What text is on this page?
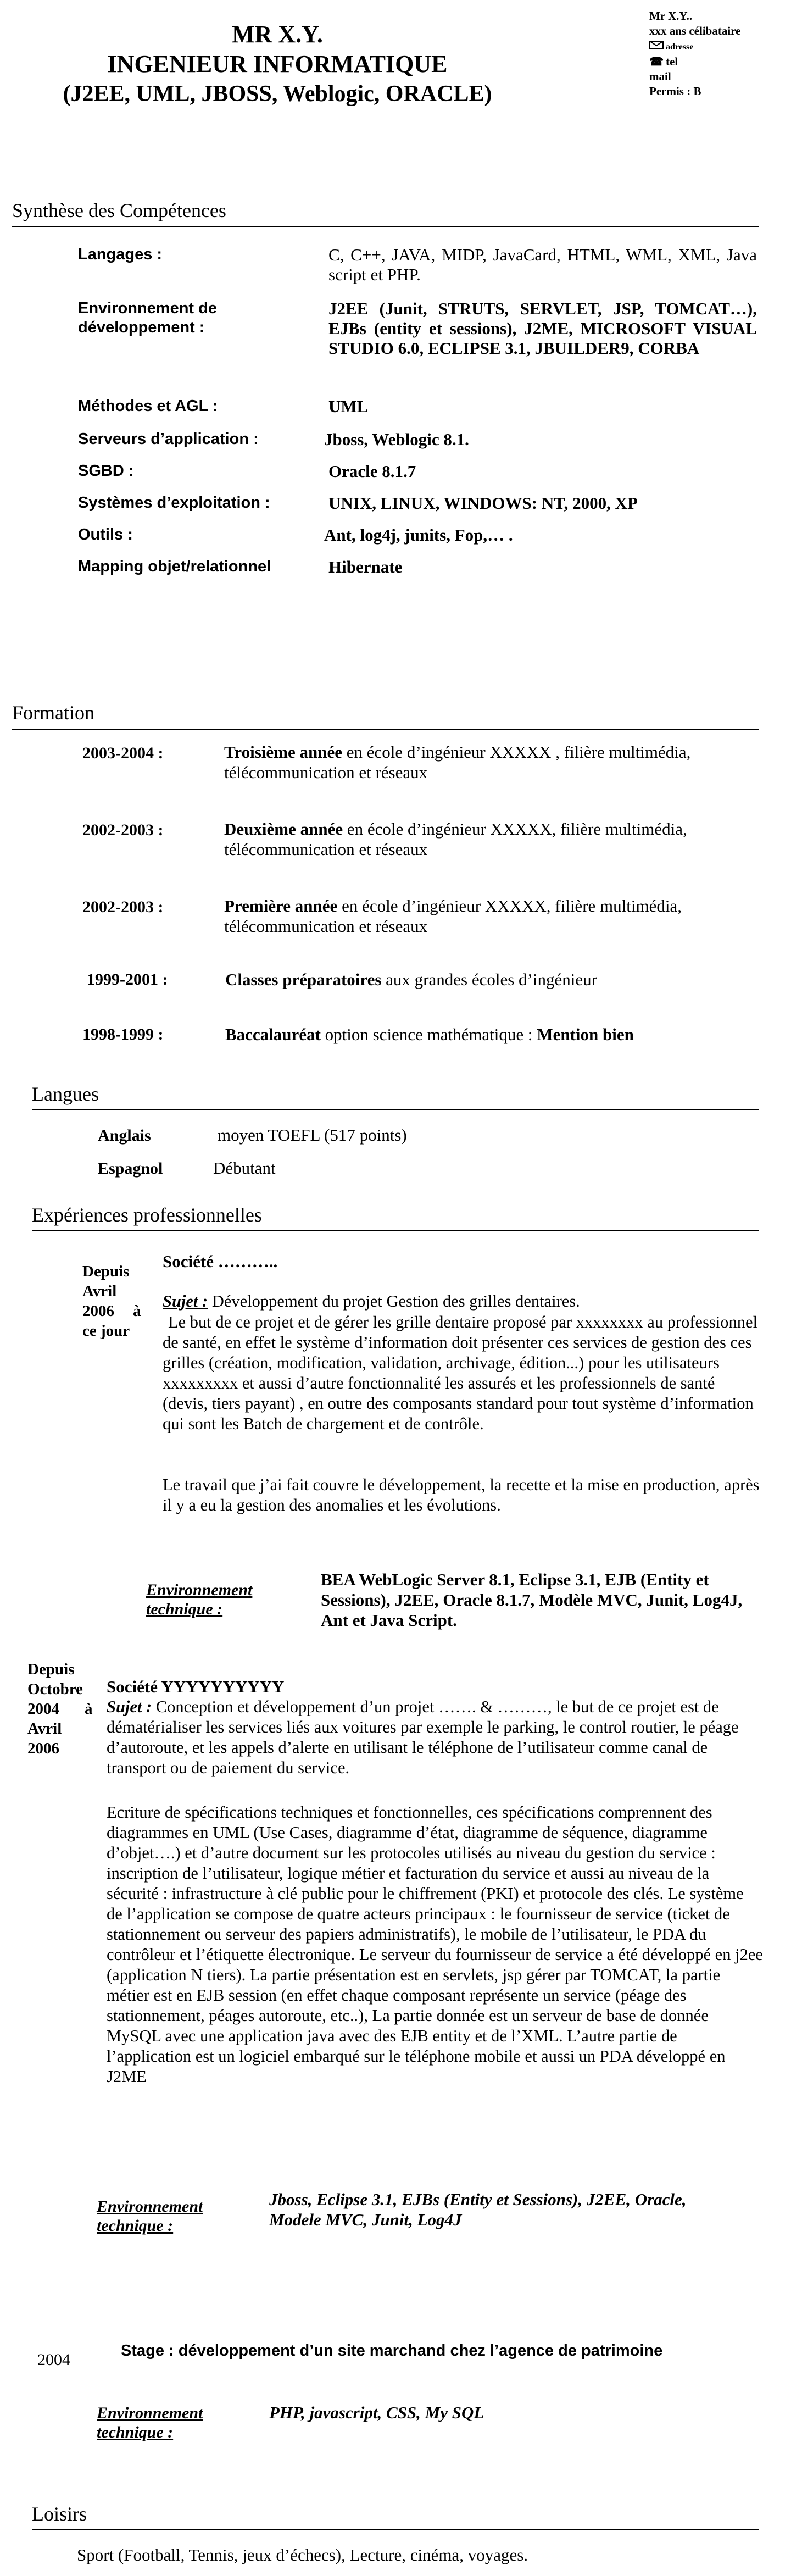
MR X.Y.
INGENIEUR INFORMATIQUE
(J2EE, UML, JBOSS, Weblogic, ORACLE)
Mr X.Y..
xxx ans célibataire
adresse
☎ tel
mail
Permis : B
Synthèse des Compétences
Langages :	C, C++, JAVA, MIDP, JavaCard, HTML, WML, XML, Java script et PHP.
Environnement de développement :
J2EE (Junit, STRUTS, SERVLET, JSP, TOMCAT…), EJBs (entity et sessions), J2ME, MICROSOFT VISUAL STUDIO 6.0, ECLIPSE 3.1, JBUILDER9, CORBA
Méthodes et AGL :	UML
Serveurs d’application :	Jboss, Weblogic 8.1.
SGBD :	Oracle 8.1.7
Systèmes d’exploitation :	UNIX, LINUX, WINDOWS: NT, 2000, XP
Outils :	Ant, log4j, junits, Fop,… .
Mapping objet/relationnel	Hibernate
Formation
2003-2004 :	Troisième année en école d’ingénieur XXXXX , filière multimédia, télécommunication et réseaux
2002-2003 :	Deuxième année en école d’ingénieur XXXXX, filière multimédia, télécommunication et réseaux
2002-2003 :	Première année en école d’ingénieur XXXXX, filière multimédia, télécommunication et réseaux
1999-2001 :	Classes préparatoires aux grandes écoles d’ingénieur
1998-1999 :	Baccalauréat option science mathématique : Mention bien
Langues
Anglais	moyen TOEFL (517 points)
Espagnol	Débutant
Expériences professionnelles
Depuis
Avril
2006 à
ce jour
Société ………..
Sujet : Développement du projet Gestion des grilles dentaires.
Le but de ce projet et de gérer les grille dentaire proposé par xxxxxxxx au professionnel de santé, en effet le système d’information doit présenter ces services de gestion des ces grilles (création, modification, validation, archivage, édition...) pour les utilisateurs xxxxxxxxx et aussi d’autre fonctionnalité les assurés et les professionnels de santé (devis, tiers payant) , en outre des composants standard pour tout système d’information qui sont les Batch de chargement et de contrôle.
Le travail que j’ai fait couvre le développement, la recette et la mise en production, après il y a eu la gestion des anomalies et les évolutions.
Environnement technique :
BEA WebLogic Server 8.1, Eclipse 3.1, EJB (Entity et Sessions), J2EE, Oracle 8.1.7, Modèle MVC, Junit, Log4J, Ant et Java Script.
Depuis
Octobre
2004 à
Avril
2006
Société YYYYYYYYYY
Sujet : Conception et développement d’un projet ……. & ………, le but de ce projet est de dématérialiser les services liés aux voitures par exemple le parking, le control routier, le péage d’autoroute, et les appels d’alerte en utilisant le téléphone de l’utilisateur comme canal de transport ou de paiement du service.
Ecriture de spécifications techniques et fonctionnelles, ces spécifications comprennent des diagrammes en UML (Use Cases, diagramme d’état, diagramme de séquence, diagramme d’objet….) et d’autre document sur les protocoles utilisés au niveau du gestion du service : inscription de l’utilisateur, logique métier et facturation du service et aussi au niveau de la sécurité : infrastructure à clé public pour le chiffrement (PKI) et protocole des clés. Le système de l’application se compose de quatre acteurs principaux : le fournisseur de service (ticket de stationnement ou serveur des papiers administratifs), le mobile de l’utilisateur, le PDA du contrôleur et l’étiquette électronique. Le serveur du fournisseur de service a été développé en j2ee (application N tiers). La partie présentation est en servlets, jsp gérer par TOMCAT, la partie métier est en EJB session (en effet chaque composant représente un service (péage des stationnement, péages autoroute, etc..), La partie donnée est un serveur de base de donnée MySQL avec une application java avec des EJB entity et de l’XML. L’autre partie de l’application est un logiciel embarqué sur le téléphone mobile et aussi un PDA développé en J2ME
Environnement technique :
Jboss, Eclipse 3.1, EJBs (Entity et Sessions), J2EE, Oracle, Modele MVC, Junit, Log4J
2004	Stage : développement d’un site marchand chez l’agence de patrimoine
Environnement technique :
PHP, javascript, CSS, My SQL
Loisirs
Sport (Football, Tennis, jeux d’échecs), Lecture, cinéma, voyages.
